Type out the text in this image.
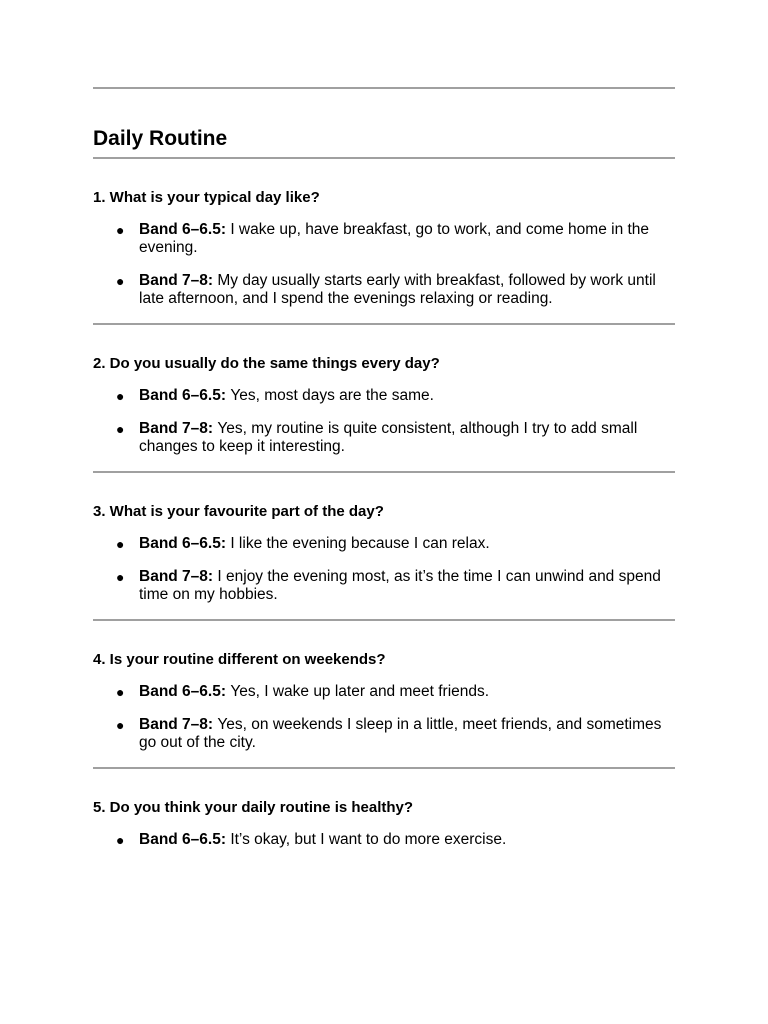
Daily Routine
1. What is your typical day like?
● Band 6–6.5: I wake up, have breakfast, go to work, and come home in the evening.
● Band 7–8: My day usually starts early with breakfast, followed by work until late afternoon, and I spend the evenings relaxing or reading.
2. Do you usually do the same things every day?
● Band 6–6.5: Yes, most days are the same.
● Band 7–8: Yes, my routine is quite consistent, although I try to add small changes to keep it interesting.
3. What is your favourite part of the day?
● Band 6–6.5: I like the evening because I can relax.
● Band 7–8: I enjoy the evening most, as it’s the time I can unwind and spend time on my hobbies.
4. Is your routine different on weekends?
● Band 6–6.5: Yes, I wake up later and meet friends.
● Band 7–8: Yes, on weekends I sleep in a little, meet friends, and sometimes go out of the city.
5. Do you think your daily routine is healthy?
● Band 6–6.5: It’s okay, but I want to do more exercise.
